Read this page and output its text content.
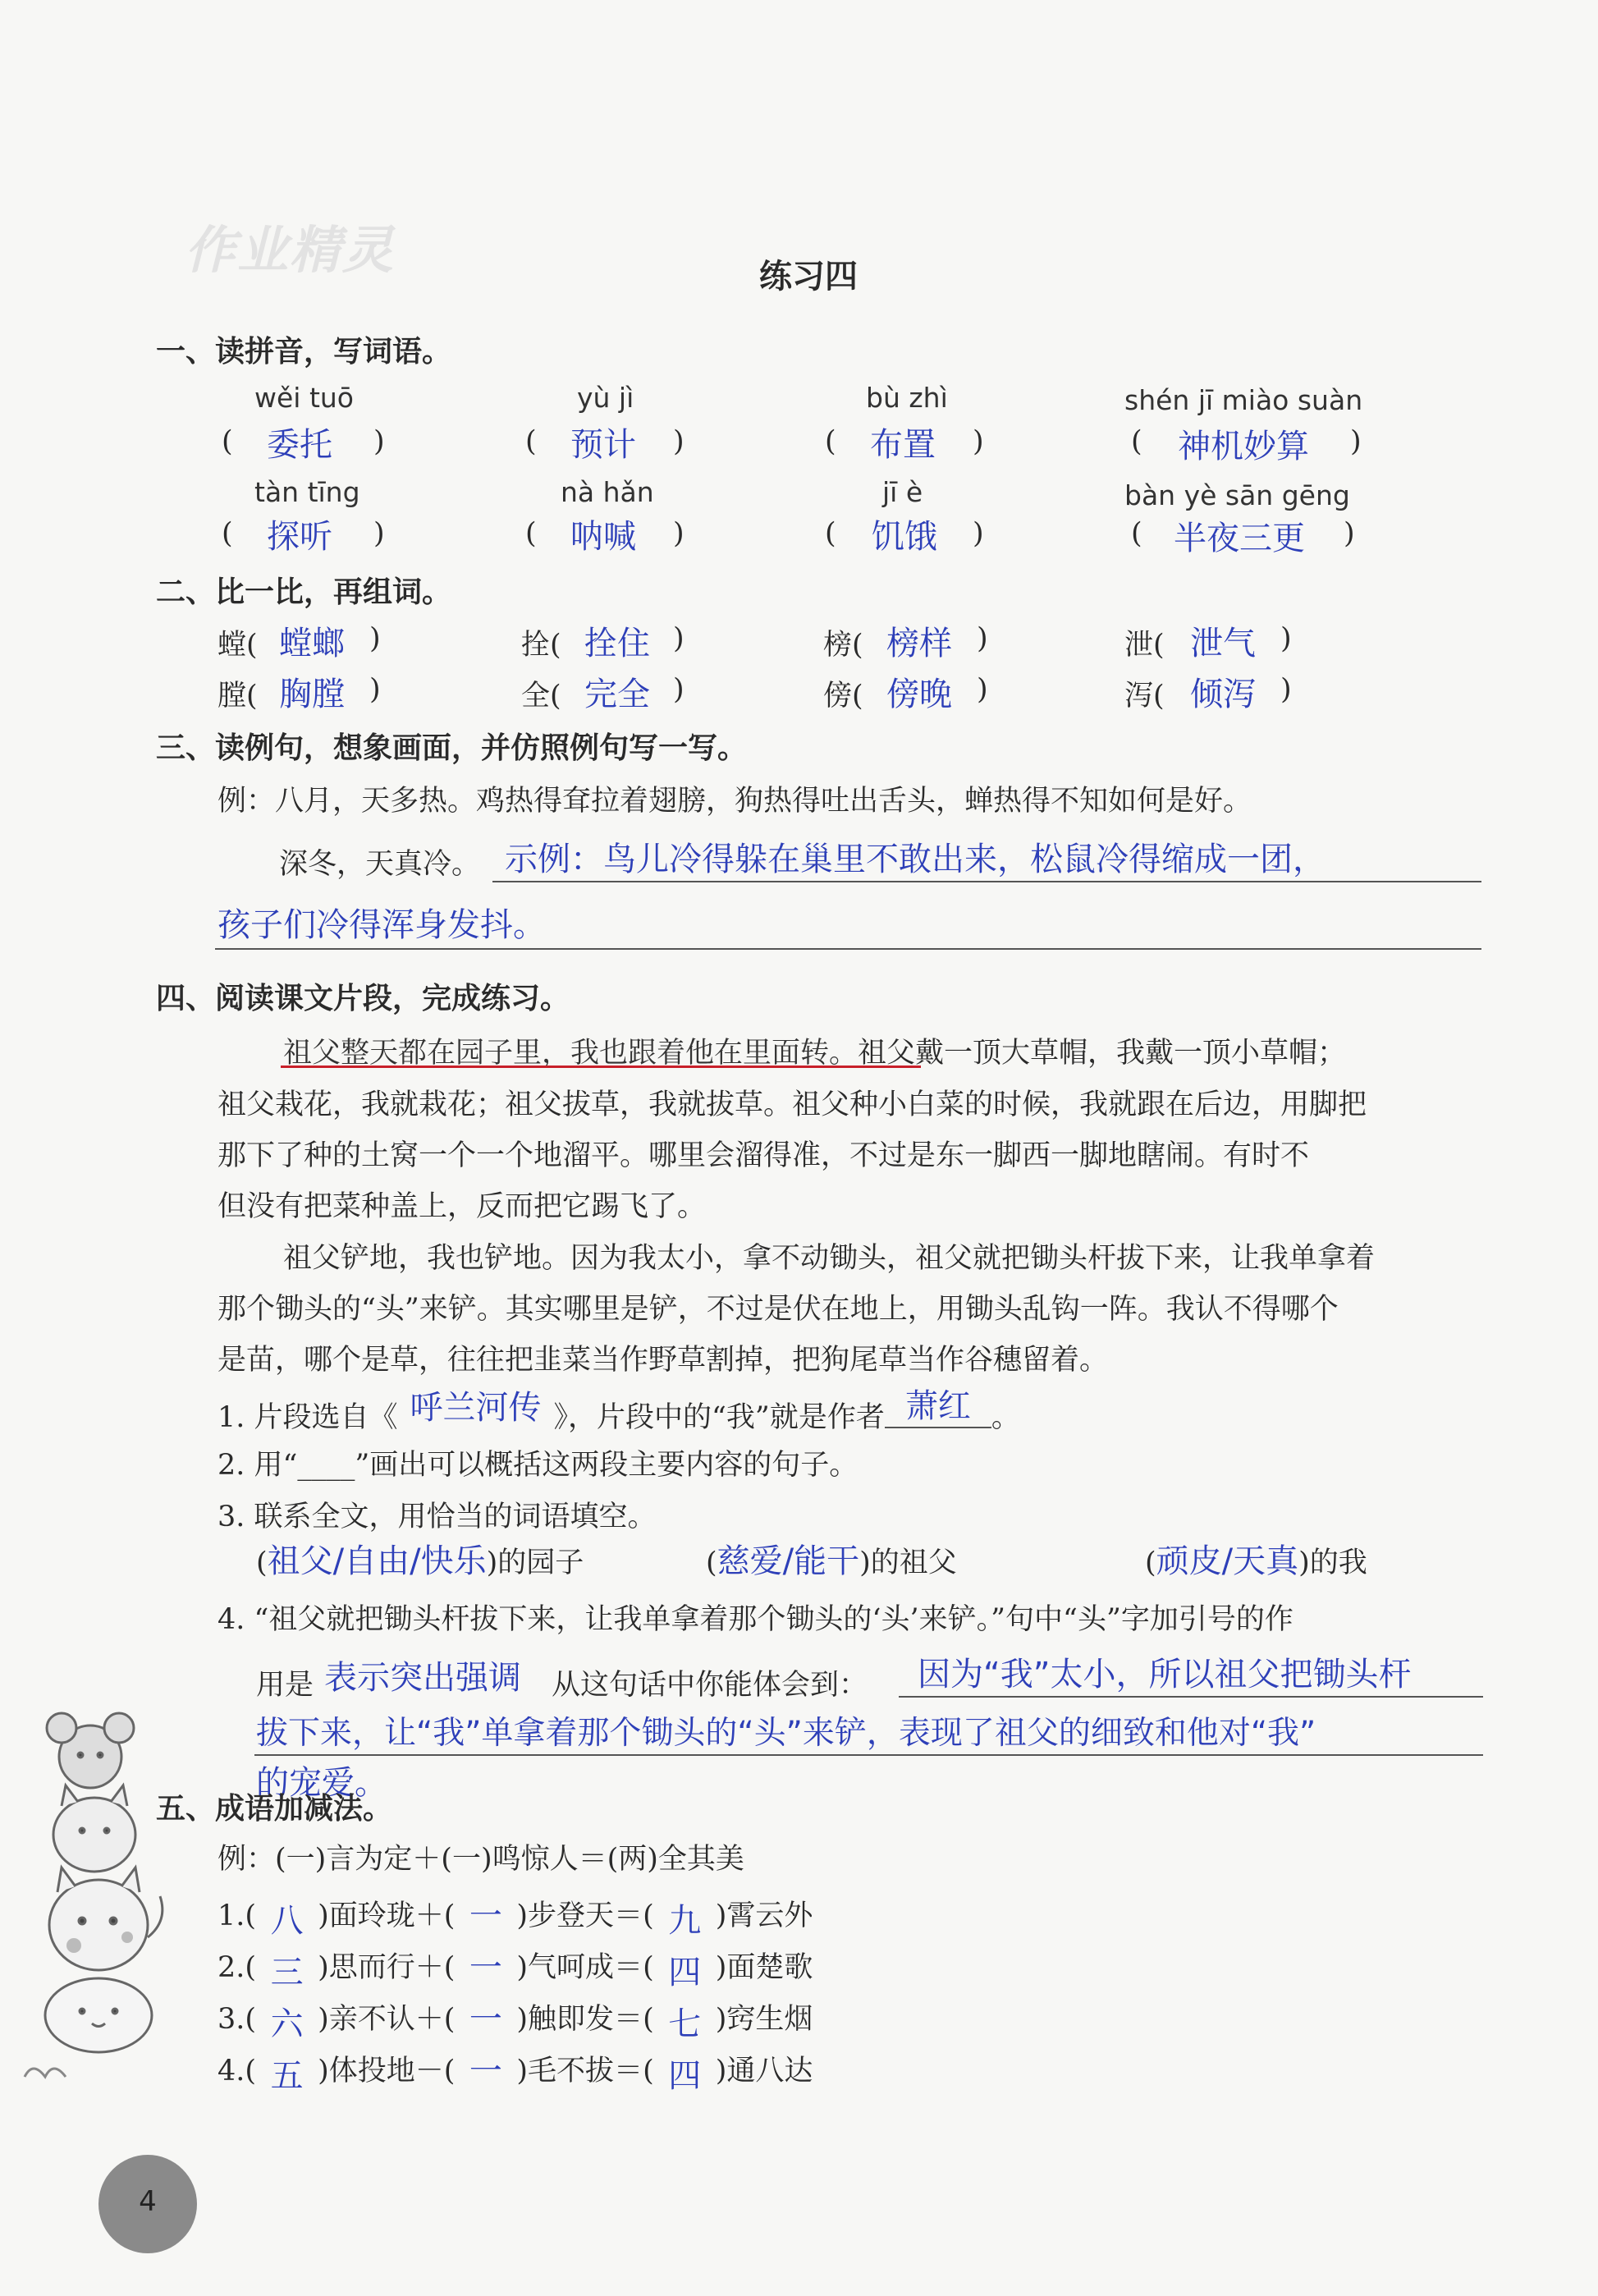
作业精灵	练习四
一、读拼音，写词语。
wěi tuō	yù jì	bù zhì	shén jī miào suàn
( 委托 )	( 预计 )	( 布置 )	( 神机妙算 )
tàn tīng	nà hǎn	jī è	bàn yè sān gēng
( 探听 )	( 呐喊 )	( 饥饿 )	( 半夜三更 )
二、比一比，再组词。
螳( 螳螂 )	拴( 拴住 )	榜( 榜样 )	泄( 泄气 )
膛( 胸膛 )	全( 完全 )	傍( 傍晚 )	泻( 倾泻 )
三、读例句，想象画面，并仿照例句写一写。
例：八月，天多热。鸡热得耷拉着翅膀，狗热得吐出舌头，蝉热得不知如何是好。
深冬，天真冷。 示例：鸟儿冷得躲在巢里不敢出来，松鼠冷得缩成一团，
孩子们冷得浑身发抖。
四、阅读课文片段，完成练习。
祖父整天都在园子里，我也跟着他在里面转。祖父戴一顶大草帽，我戴一顶小草帽；
祖父栽花，我就栽花；祖父拔草，我就拔草。祖父种小白菜的时候，我就跟在后边，用脚把
那下了种的土窝一个一个地溜平。哪里会溜得准，不过是东一脚西一脚地瞎闹。有时不
但没有把菜种盖上，反而把它踢飞了。
祖父铲地，我也铲地。因为我太小，拿不动锄头，祖父就把锄头杆拔下来，让我单拿着
那个锄头的“头”来铲。其实哪里是铲，不过是伏在地上，用锄头乱钩一阵。我认不得哪个
是苗，哪个是草，往往把韭菜当作野草割掉，把狗尾草当作谷穗留着。
1. 片段选自《 呼兰河传 》，片段中的“我”就是作者 萧红 。
2. 用“____”画出可以概括这两段主要内容的句子。
3. 联系全文，用恰当的词语填空。
(祖父/自由/快乐)的园子	(慈爱/能干)的祖父	(顽皮/天真)的我
4. “祖父就把锄头杆拔下来，让我单拿着那个锄头的‘头’来铲。”句中“头”字加引号的作
用是 表示突出强调 从这句话中你能体会到： 因为“我”太小，所以祖父把锄头杆
拔下来，让“我”单拿着那个锄头的“头”来铲，表现了祖父的细致和他对“我”
的宠爱。
五、成语加减法。
例：(一)言为定＋(一)鸣惊人＝(两)全其美
1.( 八 )面玲珑＋( 一 )步登天＝( 九 )霄云外
2.( 三 )思而行＋( 一 )气呵成＝( 四 )面楚歌
3.( 六 )亲不认＋( 一 )触即发＝( 七 )窍生烟
4.( 五 )体投地－( 一 )毛不拔＝( 四 )通八达
4
